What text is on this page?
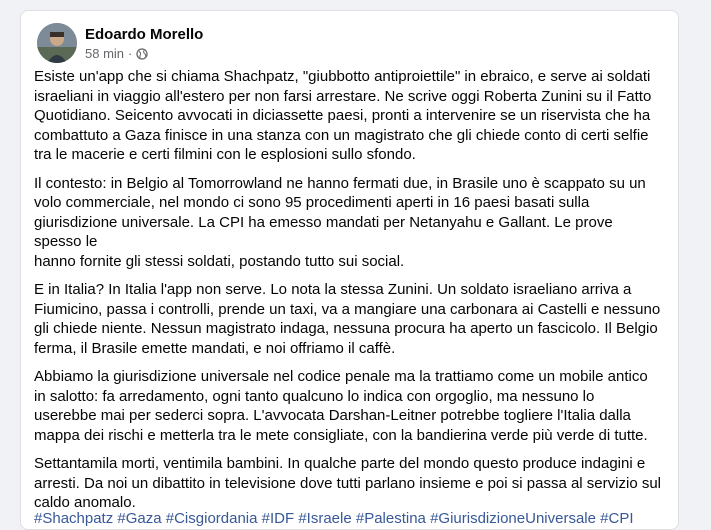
Edoardo Morello
58 min ·

Esiste un'app che si chiama Shachpatz, "giubbotto antiproiettile" in ebraico, e serve ai soldati
israeliani in viaggio all'estero per non farsi arrestare. Ne scrive oggi Roberta Zunini su il Fatto
Quotidiano. Seicento avvocati in diciassette paesi, pronti a intervenire se un riservista che ha
combattuto a Gaza finisce in una stanza con un magistrato che gli chiede conto di certi selfie
tra le macerie e certi filmini con le esplosioni sullo sfondo.

Il contesto: in Belgio al Tomorrowland ne hanno fermati due, in Brasile uno è scappato su un
volo commerciale, nel mondo ci sono 95 procedimenti aperti in 16 paesi basati sulla
giurisdizione universale. La CPI ha emesso mandati per Netanyahu e Gallant. Le prove spesso le
hanno fornite gli stessi soldati, postando tutto sui social.

E in Italia? In Italia l'app non serve. Lo nota la stessa Zunini. Un soldato israeliano arriva a
Fiumicino, passa i controlli, prende un taxi, va a mangiare una carbonara ai Castelli e nessuno
gli chiede niente. Nessun magistrato indaga, nessuna procura ha aperto un fascicolo. Il Belgio
ferma, il Brasile emette mandati, e noi offriamo il caffè.

Abbiamo la giurisdizione universale nel codice penale ma la trattiamo come un mobile antico
in salotto: fa arredamento, ogni tanto qualcuno lo indica con orgoglio, ma nessuno lo
userebbe mai per sederci sopra. L'avvocata Darshan-Leitner potrebbe togliere l'Italia dalla
mappa dei rischi e metterla tra le mete consigliate, con la bandierina verde più verde di tutte.

Settantamila morti, ventimila bambini. In qualche parte del mondo questo produce indagini e
arresti. Da noi un dibattito in televisione dove tutti parlano insieme e poi si passa al servizio sul
caldo anomalo.

#Shachpatz #Gaza #Cisgiordania #IDF #Israele #Palestina #GiurisdizioneUniversale #CPI
